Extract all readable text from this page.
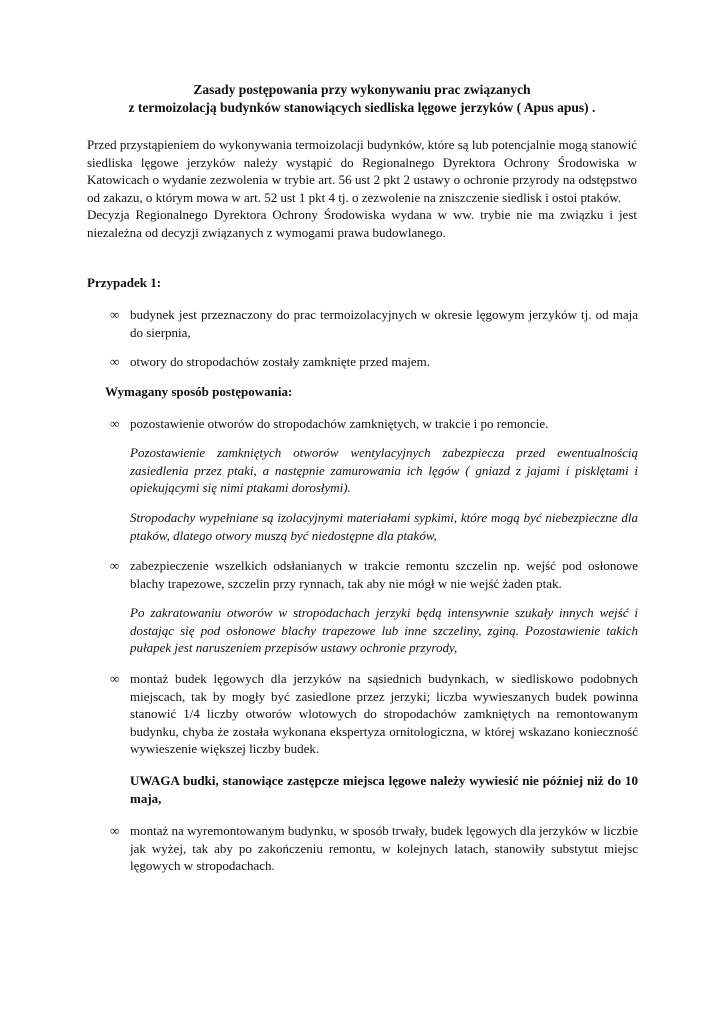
Zasady postępowania przy wykonywaniu prac związanych
z termoizolacją budynków stanowiących siedliska lęgowe jerzyków ( Apus apus) .

Przed przystąpieniem do wykonywania termoizolacji budynków, które są lub potencjalnie mogą stanowić siedliska lęgowe jerzyków należy wystąpić do Regionalnego Dyrektora Ochrony Środowiska w Katowicach o wydanie zezwolenia w trybie art. 56 ust 2 pkt 2 ustawy o ochronie przyrody na odstępstwo od zakazu, o którym mowa w art. 52 ust 1 pkt 4 tj. o zezwolenie na zniszczenie siedlisk i ostoi ptaków.

Decyzja Regionalnego Dyrektora Ochrony Środowiska wydana w ww. trybie nie ma związku i jest niezależna od decyzji związanych z wymogami prawa budowlanego.

Przypadek 1:
∞ budynek jest przeznaczony do prac termoizolacyjnych w okresie lęgowym jerzyków tj. od maja do sierpnia,
∞ otwory do stropodachów zostały zamknięte przed majem.
Wymagany sposób postępowania:
∞ pozostawienie otworów do stropodachów zamkniętych, w trakcie i po remoncie.
Pozostawienie zamkniętych otworów wentylacyjnych zabezpiecza przed ewentualnością zasiedlenia przez ptaki, a następnie zamurowania ich lęgów ( gniazd z jajami i pisklętami i opiekującymi się nimi ptakami dorosłymi).
Stropodachy wypełniane są izolacyjnymi materiałami sypkimi, które mogą być niebezpieczne dla ptaków, dlatego otwory muszą być niedostępne dla ptaków,
∞ zabezpieczenie wszelkich odsłanianych w trakcie remontu szczelin np. wejść pod osłonowe blachy trapezowe, szczelin przy rynnach, tak aby nie mógł w nie wejść żaden ptak.
Po zakratowaniu otworów w stropodachach jerzyki będą intensywnie szukały innych wejść i dostając się pod osłonowe blachy trapezowe lub inne szczeliny, zginą. Pozostawienie takich pułapek jest naruszeniem przepisów ustawy ochronie przyrody,
∞ montaż budek lęgowych dla jerzyków na sąsiednich budynkach, w siedliskowo podobnych miejscach, tak by mogły być zasiedlone przez jerzyki; liczba wywieszanych budek powinna stanowić 1/4 liczby otworów wlotowych do stropodachów zamkniętych na remontowanym budynku, chyba że została wykonana ekspertyza ornitologiczna, w której wskazano konieczność wywieszenie większej liczby budek.
UWAGA budki, stanowiące zastępcze miejsca lęgowe należy wywiesić nie później niż do 10 maja,
∞ montaż na wyremontowanym budynku, w sposób trwały, budek lęgowych dla jerzyków w liczbie jak wyżej, tak aby po zakończeniu remontu, w kolejnych latach, stanowiły substytut miejsc lęgowych w stropodachach.
